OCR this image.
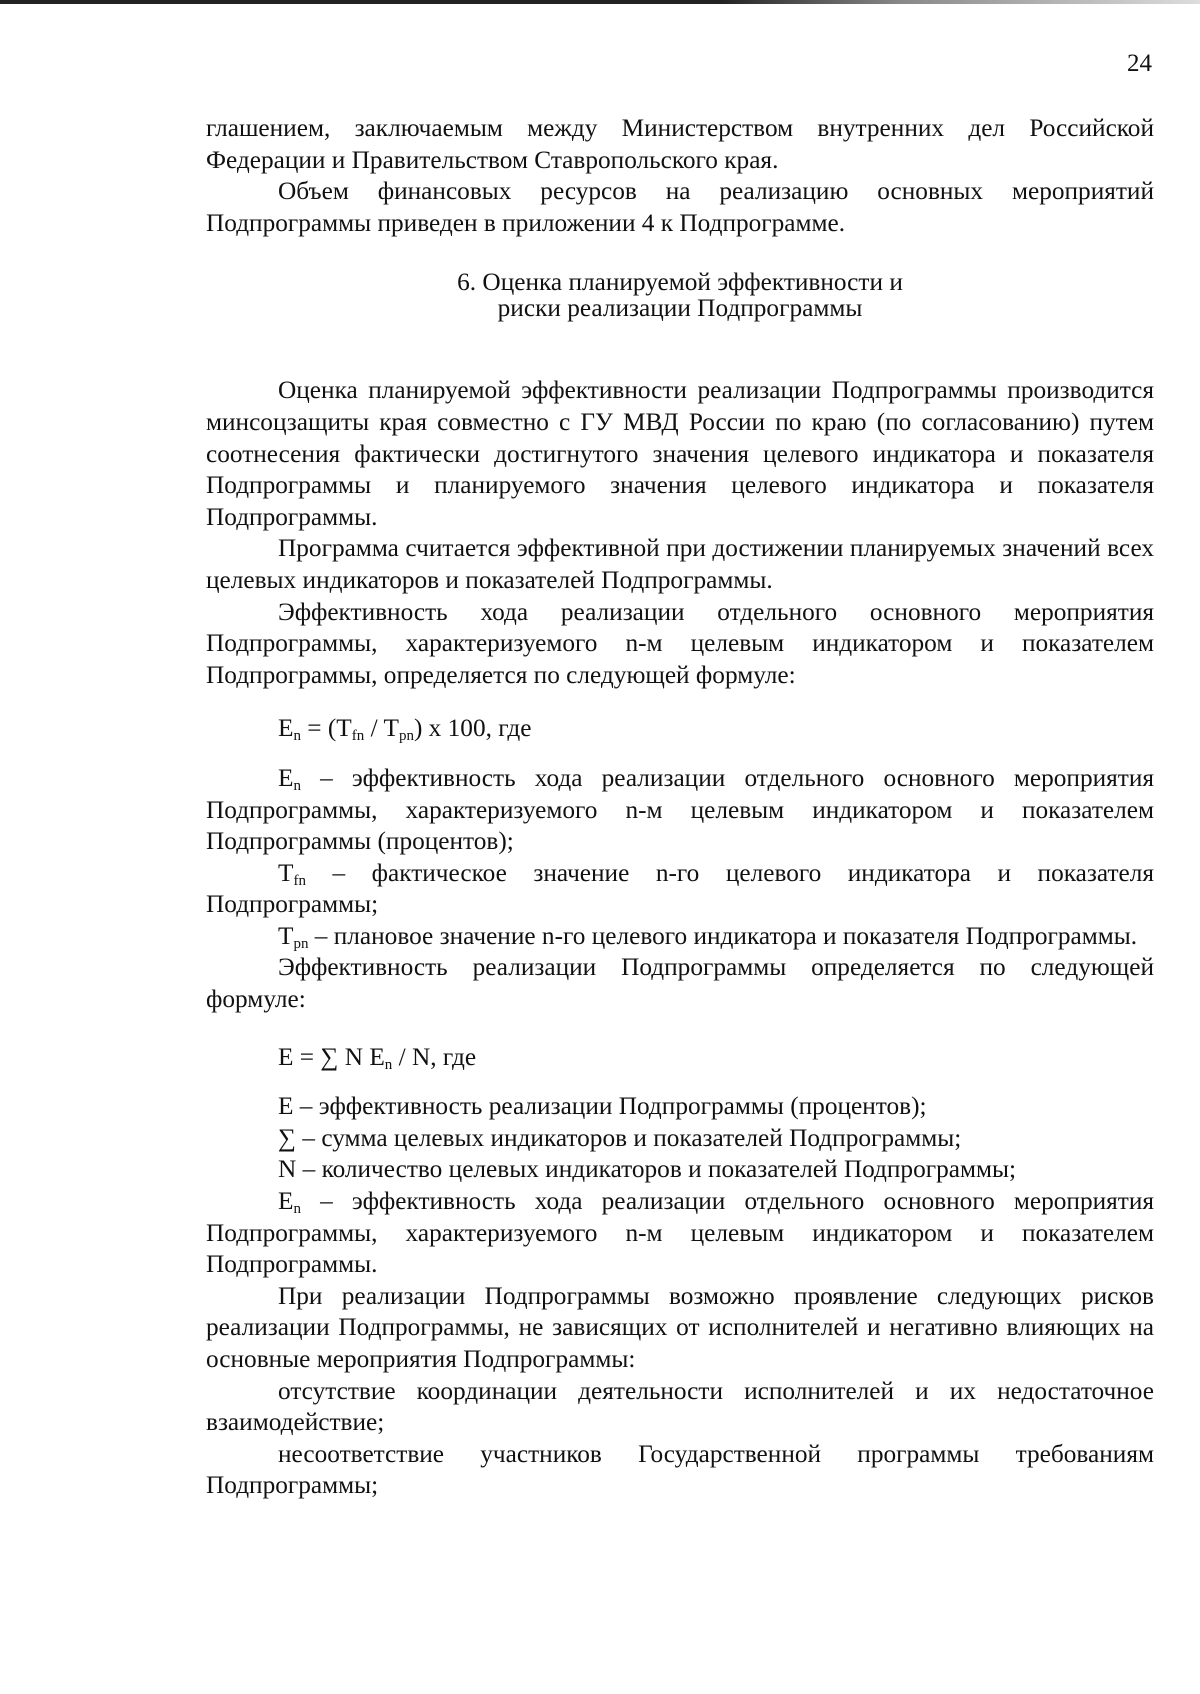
24

глашением, заключаемым между Министерством внутренних дел Российской Федерации и Правительством Ставропольского края.

Объем финансовых ресурсов на реализацию основных мероприятий Подпрограммы приведен в приложении 4 к Подпрограмме.

6. Оценка планируемой эффективности и
риски реализации Подпрограммы

Оценка планируемой эффективности реализации Подпрограммы производится минсоцзащиты края совместно с ГУ МВД России по краю (по согласованию) путем соотнесения фактически достигнутого значения целевого индикатора и показателя Подпрограммы и планируемого значения целевого индикатора и показателя Подпрограммы.

Программа считается эффективной при достижении планируемых значений всех целевых индикаторов и показателей Подпрограммы.

Эффективность хода реализации отдельного основного мероприятия Подпрограммы, характеризуемого n-м целевым индикатором и показателем Подпрограммы, определяется по следующей формуле:

$E_n = (T_{fn} / T_{pn})$ х 100, где

$E_n$ – эффективность хода реализации отдельного основного мероприятия Подпрограммы, характеризуемого n-м целевым индикатором и показателем Подпрограммы (процентов);

$T_{fn}$ – фактическое значение n-го целевого индикатора и показателя Подпрограммы;

$T_{pn}$ – плановое значение n-го целевого индикатора и показателя Подпрограммы.

Эффективность реализации Подпрограммы определяется по следующей формуле:

E = ∑ N $E_n$ / N, где

E – эффективность реализации Подпрограммы (процентов);

∑ – сумма целевых индикаторов и показателей Подпрограммы;

N – количество целевых индикаторов и показателей Подпрограммы;

$E_n$ – эффективность хода реализации отдельного основного мероприятия Подпрограммы, характеризуемого n-м целевым индикатором и показателем Подпрограммы.

При реализации Подпрограммы возможно проявление следующих рисков реализации Подпрограммы, не зависящих от исполнителей и негативно влияющих на основные мероприятия Подпрограммы:

отсутствие координации деятельности исполнителей и их недостаточное взаимодействие;

несоответствие участников Государственной программы требованиям Подпрограммы;
